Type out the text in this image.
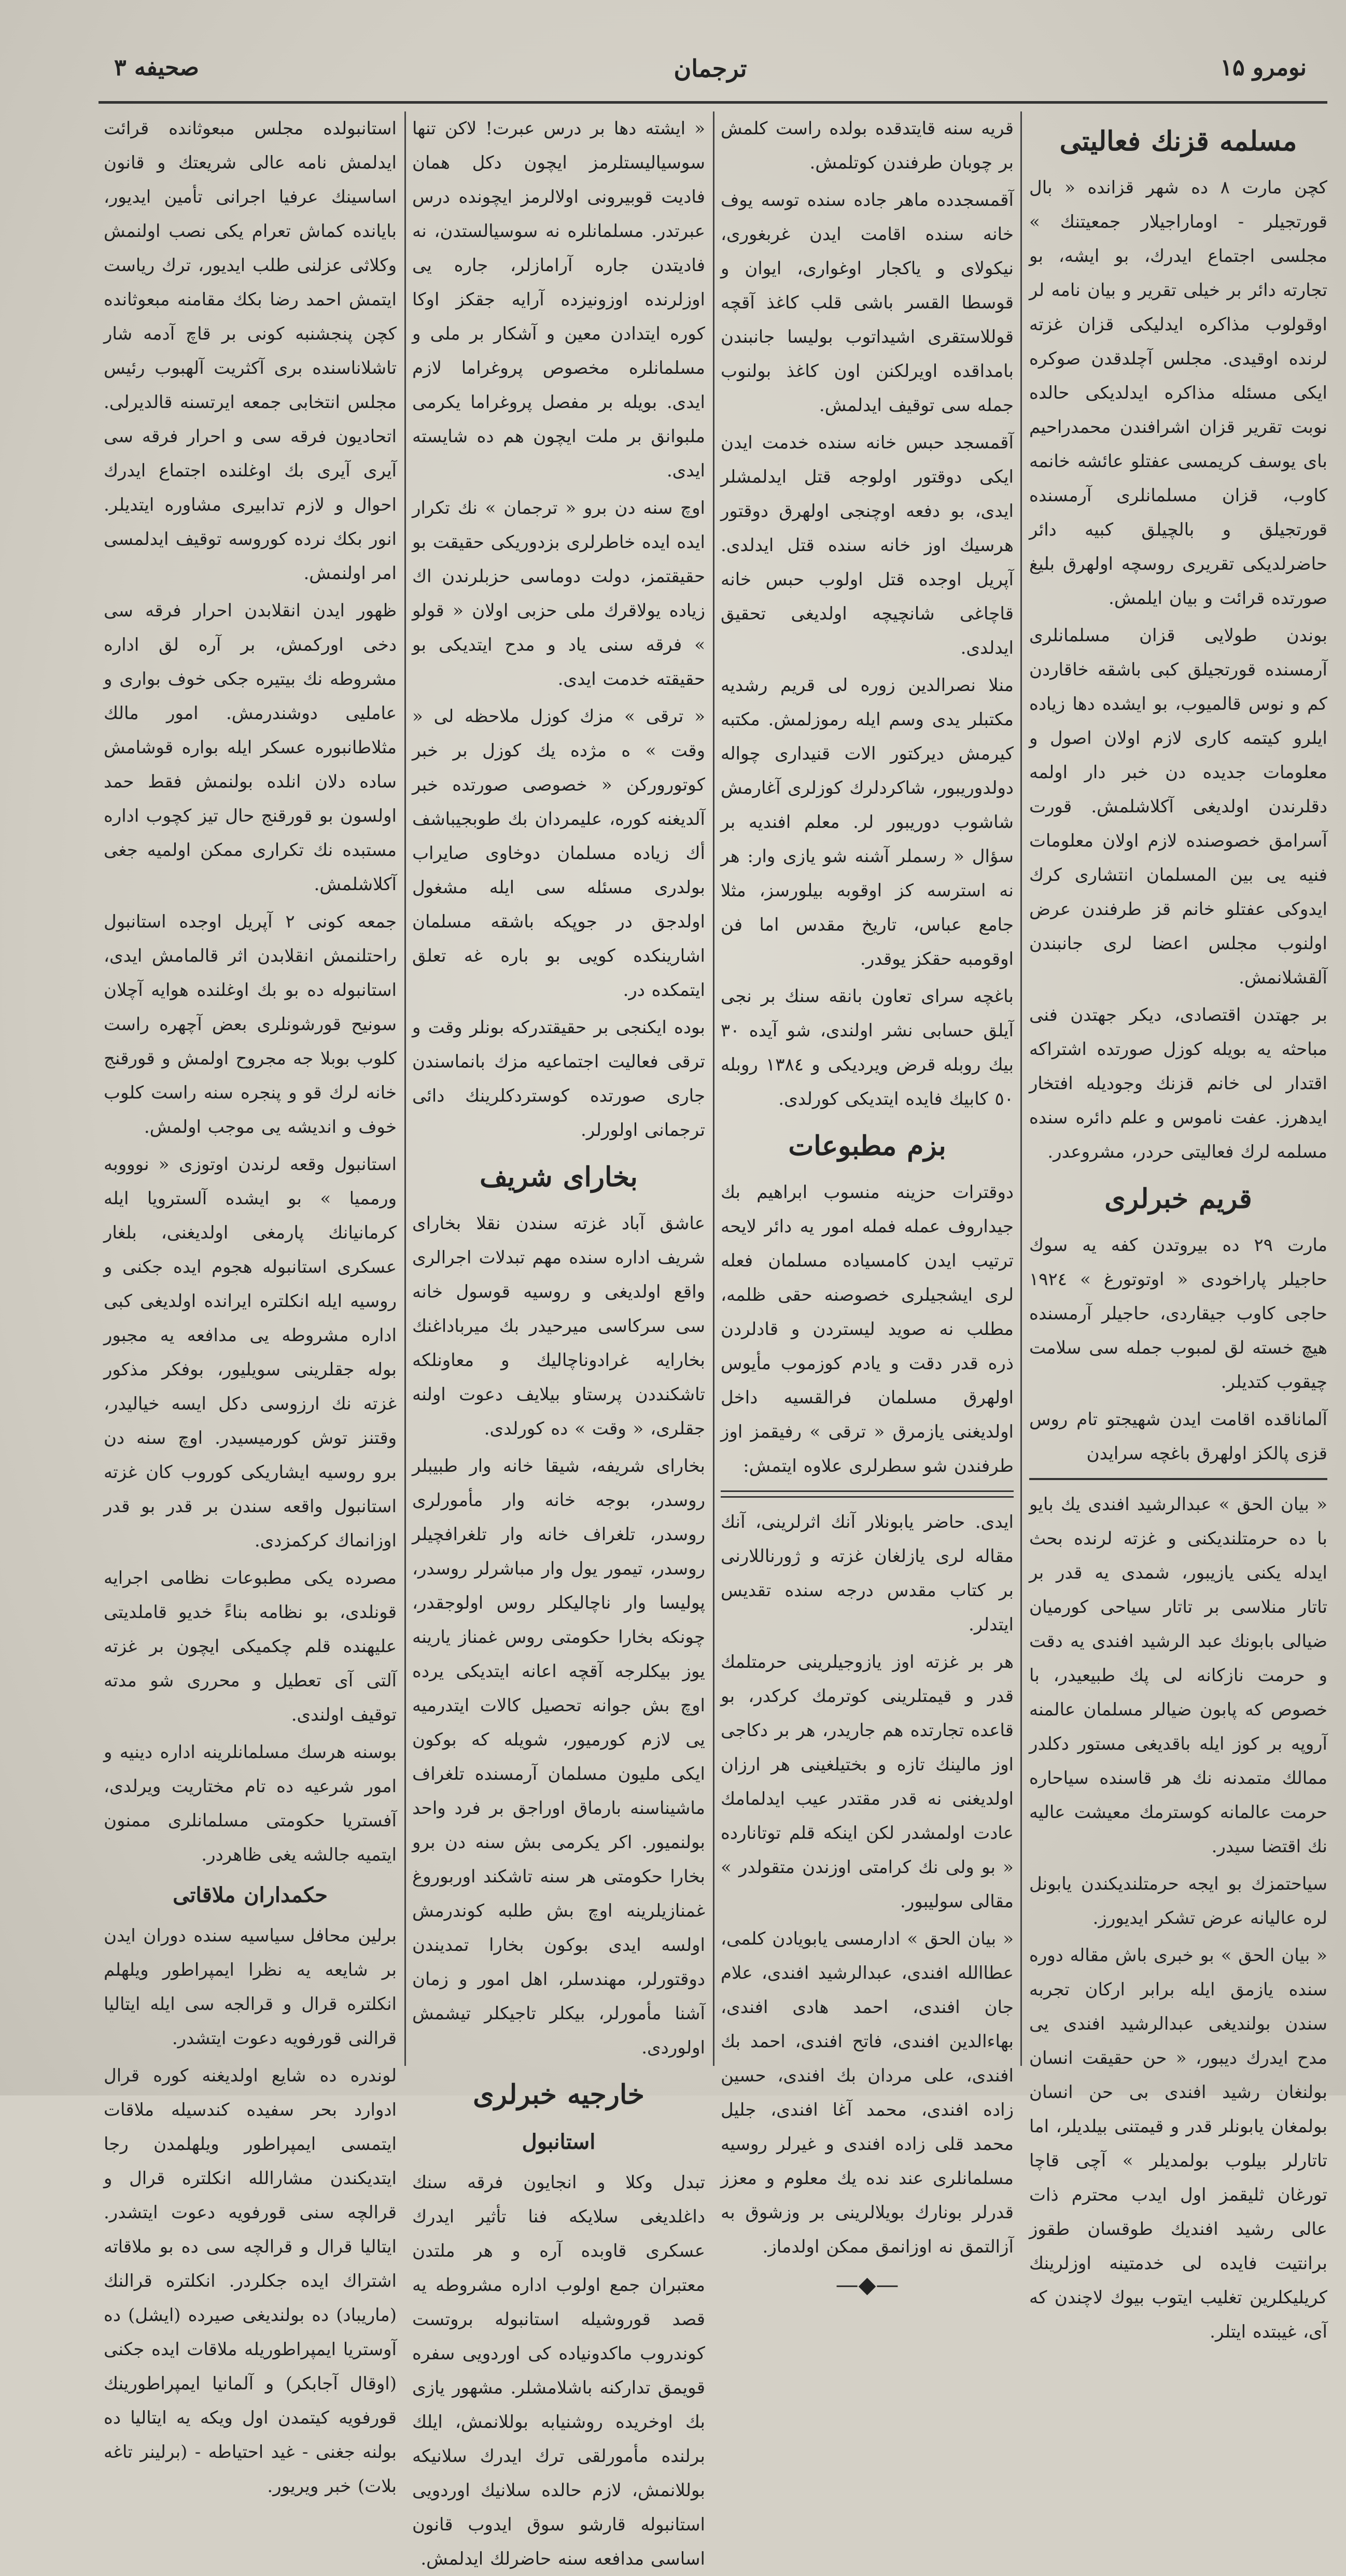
نومرو ۱۵
ترجمان
صحیفه ۳
مسلمه قزنك فعاليتى

كچن مارت ٨ ده شهر قزانده « بال قورتجيلر - اوماراجيلار جمعيتنك » مجلسى اجتماع ايدرك، بو ايشه، بو تجارته دائر بر خيلى تقرير و بيان نامه لر اوقولوب مذاكره ايدليكى قزان غزته لرنده اوقيدى. مجلس آچلدقدن صوكره ايكى مسئله مذاكره ايدلديكى حالده نوبت تقرير قزان اشرافندن محمدراحيم باى يوسف كريمسى عفتلو عائشه خانمه كاوب، قزان مسلمانلرى آرمسنده قورتجيلق و بالچيلق كبيه دائر حاضرلديكى تقريرى روسچه اولهرق بليغ صورتده قرائت و بيان ايلمش.

بوندن طولايى قزان مسلمانلرى آرمسنده قورتجيلق كبى باشقه خاقاردن كم و نوس قالميوب، بو ايشده دها زياده ايلرو كيتمه كارى لازم اولان اصول و معلومات جديده دن خبر دار اولمه دقلرندن اولديغى آكلاشلمش. قورت آسرامق خصوصنده لازم اولان معلومات فنيه يى بين المسلمان انتشارى كرك ايدوكى عفتلو خانم قز طرفندن عرض اولنوب مجلس اعضا لرى جانبندن آلقشلانمش.

بر جهتدن اقتصادى، ديكر جهتدن فنى مباحثه يه بويله كوزل صورتده اشتراكه اقتدار لى خانم قزنك وجوديله افتخار ايدهرز. عفت ناموس و علم دائره سنده مسلمه لرك فعاليتى حردر، مشروعدر.

قريم خبرلرى

مارت ٢٩ ده بيروتدن كفه يه سوك حاجيلر پاراخودى « اوتوتورغ » ١٩٢٤ حاجى كاوب جيقاردى، حاجيلر آرمسنده هيچ خسته لق لمبوب جمله سى سلامت چيقوب كتديلر.

آلماناقده اقامت ايدن شهيجتو تام روس قزى پالكز اولهرق باغچه سرايدن

« بيان الحق » عبدالرشيد افندى يك بايو با ده حرمتلنديكنى و غزته لرنده بحث ايدله يكنى يازيبور، شمدى يه قدر بر تاتار منلاسى بر تاتار سياحى كورميان ضيالى بابونك عبد الرشيد افندى يه دقت و حرمت نازكانه لى پك طبيعيدر، با خصوص كه پابون ضيالر مسلمان عالمنه آروپه بر كوز ايله باقديغى مستور دكلدر ممالك متمدنه نك هر قاسنده سياحاره حرمت عالمانه كوسترمك معيشت عاليه نك اقتضا سيدر.

سياحتمزك بو ايجه حرمتلنديكندن يابونل لره عاليانه عرض تشكر ايديورز.

« بيان الحق » بو خبرى باش مقاله دوره سنده يازمق ايله برابر اركان تجربه سندن بولنديغى عبدالرشيد افندى يى مدح ايدرك ديبور، « حن حقيقت انسان بولنغان رشيد افندى بى حن انسان بولمغان يابونلر قدر و قيمتنى بيلديلر، اما تاتارلر بيلوب بولمديلر » آچى قاچا تورغان ثليقمز اول ايدب محترم ذات عالى رشيد افنديك طوقسان طقوز برانتيت فايده لى خدمتينه اوزلرينك كريليكلرين تغليب ايتوب بيوك لاچندن كه آى، غيبتده ايتلر.

قريه سنه قايتدقده بولده راست كلمش بر چوبان طرفندن كوتلمش.

آقمسجدده ماهر جاده سنده توسه يوف خانه سنده اقامت ايدن غربغورى، نيكولاى و ياكجار اوغوارى، ايوان و قوسطا القسر باشى قلب كاغذ آقچه قوللاستقرى اشيداتوب بوليسا جانبندن بامداقده اويرلكنن اون كاغذ بولنوب جمله سى توقيف ايدلمش.

آقمسجد حبس خانه سنده خدمت ايدن ايكى دوقتور اولوجه قتل ايدلمشلر ايدى، بو دفعه اوچنجى اولهرق دوقتور هرسيك اوز خانه سنده قتل ايدلدى. آپريل اوجده قتل اولوب حبس خانه قاچاغى شانچيچه اولديغى تحقيق ايدلدى.

منلا نصرالدين زوره لى قريم رشديه مكتبلر يدى وسم ايله رموزلمش. مكتبه كيرمش ديركتور الات قنيدارى چواله دولدوريبور، شاكردلرك كوزلرى آغارمش شاشوب دوريبور لر. معلم افنديه بر سؤال « رسملر آشنه شو يازى وار: هر نه استرسه كز اوقوبه بيلورسز، مثلا جامع عباس، تاريخ مقدس اما فن اوقومبه حقكز يوقدر.

باغچه سراى تعاون بانقه سنك بر نجى آيلق حسابى نشر اولندى، شو آيده ٣٠ بيك روبله قرض ويرديكى و ١٣٨٤ روبله ٥٠ كابيك فايده ايتديكى كورلدى.

بزم مطبوعات

دوقترات حزينه منسوب ابراهيم بك جيداروف عمله فمله امور يه دائر لايحه ترتيب ايدن كامسياده مسلمان فعله لرى ايشجيلرى خصوصنه حقى ظلمه، مطلب نه صويد ليستردن و قادلردن ذره قدر دقت و يادم كوزموب مأيوس اولهرق مسلمان فرالقسيه داخل اولديغنى يازمرق « ترقى » رفيقمز اوز طرفندن شو سطرلرى علاوه ايتمش:

ايدى. حاضر يابونلار آنك اثرلرينى، آنك مقاله لرى يازلغان غزته و ژورناللارنى بر كتاب مقدس درجه سنده تقديس ايتدلر.

هر بر غزته اوز يازوجيلرينى حرمتلمك قدر و قيمتلرينى كوترمك كركدر، بو قاعده تجارتده هم جاريدر، هر بر دكاجى اوز مالينك تازه و بختيلغينى هر ارزان اولديغنى نه قدر مقتدر عيب ايدلمامك عادت اولمشدر لكن اينكه قلم توتانارده « بو ولى نك كرامتى اوزندن متقولدر » مقالى سوليبور.

« بيان الحق » ادارمسى يابويادن كلمى، عطاالله افندى، عبدالرشيد افندى، علام جان افندى، احمد هادى افندى، بهاءالدين افندى، فاتح افندى، احمد بك افندى، على مردان بك افندى، حسين زاده افندى، محمد آغا افندى، جليل محمد قلى زاده افندى و غيرلر روسيه مسلمانلرى عند نده يك معلوم و معزز قدرلر بونارك بويلالرينى بر وزشوق به آزالتمق نه اوزانمق ممكن اولدماز.

—◆—

« ايشته دها بر درس عبرت! لاكن تنها سوسياليستلرمز ايچون دكل همان فاديت قوبيرونى اولالرمز ايچونده درس عبرتدر. مسلمانلره نه سوسيالستدن، نه فاديتدن جاره آرامازلر، جاره يى اوزلرنده اوزونيزده آرايه جقكز اوكا كوره ايتدادن معين و آشكار بر ملى و مسلمانلره مخصوص پروغراما لازم ايدى. بويله بر مفصل پروغراما يكرمى ملبوانق بر ملت ايچون هم ده شايسته ايدى.

اوچ سنه دن برو « ترجمان » نك تكرار ايده ايده خاطرلرى بزدوريكى حقيقت بو حقيقتمز، دولت دوماسى حزبلرندن اك زياده يولاقرك ملى حزبى اولان « قولو » فرقه سنى ياد و مدح ايتديكى بو حقيقته خدمت ايدى.

« ترقى » مزك كوزل ملاحظه لى « وقت » ه مژده يك كوزل بر خبر كوتوروركن « خصوصى صورتده خبر آلديغنه كوره، عليمردان بك طوبجيباشف أك زياده مسلمان دوخاوى صايراب بولدرى مسئله سى ايله مشغول اولدجق در جوپكه باشقه مسلمان اشارينكده كويى بو باره غه تعلق ايتمكده در.

بوده ايكنجى بر حقيقتدركه بونلر وقت و ترقى فعاليت اجتماعيه مزك بانماسندن جارى صورتده كوستردكلرينك دائى ترجمانى اولورلر.

بخاراى شريف

عاشق آباد غزته سندن نقلا بخاراى شريف اداره سنده مهم تبدلات اجرالرى واقع اولديغى و روسيه قوسول خانه سى سركاسى ميرحيدر بك ميرباداغنك بخارايه غرادوناچاليك و معاونلكه تاشكنددن پرستاو بيلايف دعوت اولنه جقلرى، « وقت » ده كورلدى.

بخاراى شريفه، شيقا خانه وار طبيبلر روسدر، بوجه خانه وار مأمورلرى روسدر، تلغراف خانه وار تلغرافچيلر روسدر، تيمور يول وار مباشرلر روسدر، پوليسا وار ناچاليكلر روس اولوجقدر، چونكه بخارا حكومتى روس غمناز يارينه يوز بيكلرجه آقچه اعانه ايتديكى يرده اوچ بش جوانه تحصيل كالات ايتدرميه يى لازم كورميور، شويله كه بوكون ايكى مليون مسلمان آرمسنده تلغراف ماشيناسنه بارماق اوراجق بر فرد واحد بولنميور. اكر يكرمى بش سنه دن برو بخارا حكومتى هر سنه تاشكند اوربوروغ غمنازيلرينه اوچ بش طلبه كوندرمش اولسه ايدى بوكون بخارا تمديندن دوقتورلر، مهندسلر، اهل امور و زمان آشنا مأمورلر، بيكلر تاجيكلر تيشمش اولوردى.

خارجيه خبرلرى
استانبول

تبدل وكلا و انجايون فرقه سنك داغلديغى سلايكه فنا تأثير ايدرك عسكرى قاوبده آره و هر ملتدن معتبران جمع اولوب اداره مشروطه يه قصد قوروشيله استانبوله بروتست كوندروب ماكدونياده كى اوردويى سفره قويمق تداركنه باشلامشلر. مشهور يازى بك اوخريده روشنيابه بوللانمش، ايلك برلنده مأمورلقى ترك ايدرك سلانيكه بوللانمش، لازم حالده سلانيك اوردويى استانبوله قارشو سوق ايدوب قانون اساسى مدافعه سنه حاضرلك ايدلمش.

استانبولده مجلس مبعوثانده قرائت ايدلمش نامه عالى شريعتك و قانون اساسينك عرفيا اجرانى تأمين ايديور، بايانده كماش تعرام يكى نصب اولنمش وكلاثى عزلنى طلب ايديور، ترك رياست ايتمش احمد رضا بكك مقامنه مبعوثانده كچن پنجشنبه كونى بر قاچ آدمه شار تاشلاناسنده بری آكثريت آلهبوب رئيس مجلس انتخابى جمعه ايرتسنه قالديرلى. اتحاديون فرقه سى و احرار فرقه سى آيرى آيرى بك اوغلنده اجتماع ايدرك احوال و لازم تدابيرى مشاوره ايتديلر. انور بكك نرده كوروسه توقيف ايدلمسى امر اولنمش.

ظهور ايدن انقلابدن احرار فرقه سى دخى اوركمش، بر آره لق اداره مشروطه نك بيتيره جكى خوف بوارى و عامليى دوشندرمش. امور مالك مثلاطانبوره عسكر ايله بواره قوشامش ساده دلان انلده بولنمش فقط حمد اولسون بو قورقنج حال تيز كچوب اداره مستبده نك تكرارى ممكن اولميه جغى آكلاشلمش.

جمعه كونى ٢ آپريل اوجده استانبول راحتلنمش انقلابدن اثر قالمامش ايدى، استانبوله ده بو بك اوغلنده هوايه آچلان سونيح قورشونلرى بعض آچهره راست كلوب بوبلا جه مجروح اولمش و قورقنج خانه لرك قو و پنجره سنه راست كلوب خوف و اندیشه يى موجب اولمش.

استانبول وقعه لرندن اوتوزى « نوووبه ورمميا » بو ايشده آلسترويا ايله كرمانيانك پارمغى اولديغنى، بلغار عسكرى استانبوله هجوم ايده جكنى و روسيه ايله انكلتره ايرانده اولديغى كبى اداره مشروطه يى مدافعه يه مجبور بوله جقلرينى سويليور، بوفكر مذكور غزته نك ارزوسى دكل ايسه خياليدر، وقتنز توش كورميسيدر. اوچ سنه دن برو روسيه ايشاريكى كوروب كان غزته استانبول واقعه سندن بر قدر بو قدر اوزانماك كركمزدى.

مصرده يكى مطبوعات نظامى اجرايه قونلدى، بو نظامه بناءً خديو قاملديتى عليهنده قلم چكميكى ايچون بر غزته آلتى آى تعطيل و محررى شو مدته توقيف اولندى.

بوسنه هرسك مسلمانلرينه اداره دينيه و امور شرعيه ده تام مختاريت ويرلدى، آفستريا حكومتى مسلمانلرى ممنون ايتميه جالشه يغى ظاهردر.

حكمداران ملاقاتى

برلين محافل سياسيه سنده دوران ايدن بر شايعه يه نظرا ايمپراطور ويلهلم انكلتره قرال و قرالجه سى ايله ايتاليا قرالنى قورفويه دعوت ايتشدر.

لوندره ده شايع اولديغنه كوره قرال ادوارد بحر سفيده كندسيله ملاقات ايتمسى ايمپراطور ويلهلمدن رجا ايتديكندن مشارالله انكلتره قرال و قرالچه سنى قورفويه دعوت ايتشدر. ايتاليا قرال و قرالچه سى ده بو ملاقاته اشتراك ايده جكلردر. انكلتره قرالنك (ماريباد) ده بولنديغى صيرده (ايشل) ده آوستريا ايمپراطوريله ملاقات ايده جكنى (اوقال آجابكر) و آلمانيا ايمپراطورينك قورفويه كيتمدن اول ويكه يه ايتاليا ده بولنه جغنى - غيد احتياطه - (برلينر تاغه بلات) خبر ويريور.
